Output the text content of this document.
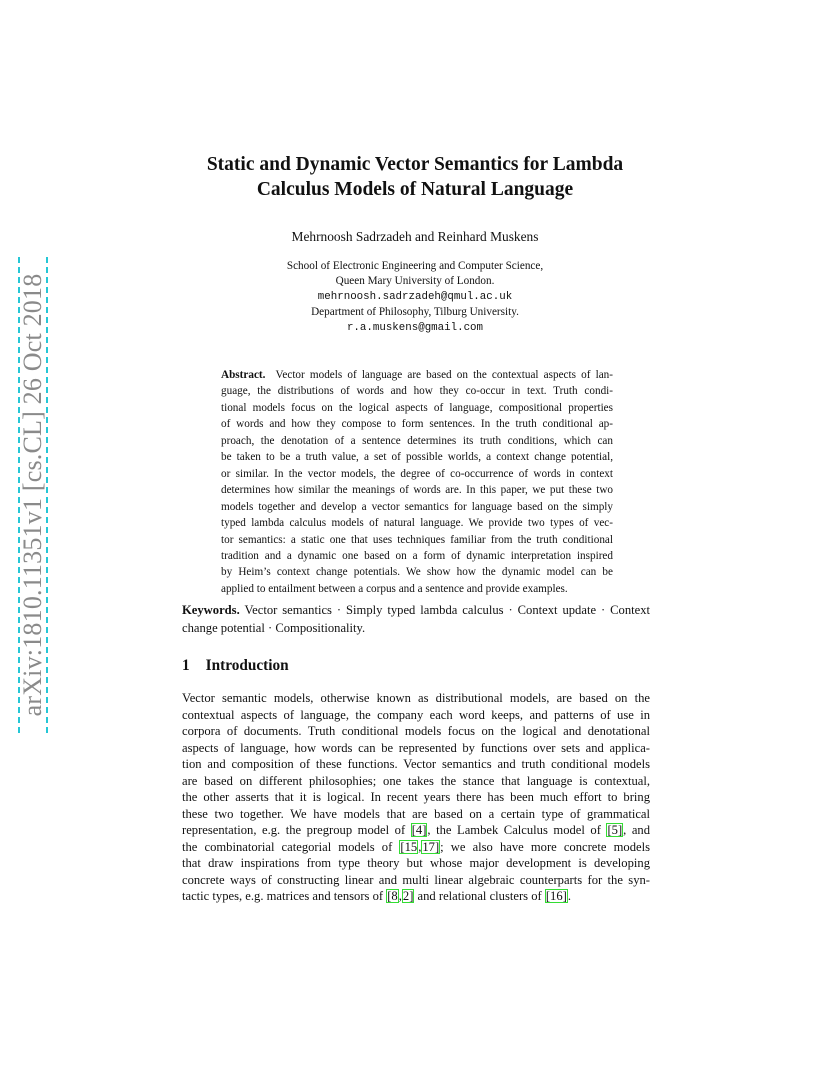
arXiv:1810.11351v1 [cs.CL] 26 Oct 2018
Static and Dynamic Vector Semantics for Lambda
Calculus Models of Natural Language
Mehrnoosh Sadrzadeh and Reinhard Muskens
School of Electronic Engineering and Computer Science,
Queen Mary University of London.
mehrnoosh.sadrzadeh@qmul.ac.uk
Department of Philosophy, Tilburg University.
r.a.muskens@gmail.com
Abstract. Vector models of language are based on the contextual aspects of lan-
guage, the distributions of words and how they co-occur in text. Truth condi-
tional models focus on the logical aspects of language, compositional properties
of words and how they compose to form sentences. In the truth conditional ap-
proach, the denotation of a sentence determines its truth conditions, which can
be taken to be a truth value, a set of possible worlds, a context change potential,
or similar. In the vector models, the degree of co-occurrence of words in context
determines how similar the meanings of words are. In this paper, we put these two
models together and develop a vector semantics for language based on the simply
typed lambda calculus models of natural language. We provide two types of vec-
tor semantics: a static one that uses techniques familiar from the truth conditional
tradition and a dynamic one based on a form of dynamic interpretation inspired
by Heim’s context change potentials. We show how the dynamic model can be
applied to entailment between a corpus and a sentence and provide examples.
Keywords. Vector semantics · Simply typed lambda calculus · Context update · Context
change potential · Compositionality.
1 Introduction
Vector semantic models, otherwise known as distributional models, are based on the
contextual aspects of language, the company each word keeps, and patterns of use in
corpora of documents. Truth conditional models focus on the logical and denotational
aspects of language, how words can be represented by functions over sets and applica-
tion and composition of these functions. Vector semantics and truth conditional models
are based on different philosophies; one takes the stance that language is contextual,
the other asserts that it is logical. In recent years there has been much effort to bring
these two together. We have models that are based on a certain type of grammatical
representation, e.g. the pregroup model of [4], the Lambek Calculus model of [5], and
the combinatorial categorial models of [15,17]; we also have more concrete models
that draw inspirations from type theory but whose major development is developing
concrete ways of constructing linear and multi linear algebraic counterparts for the syn-
tactic types, e.g. matrices and tensors of [8,2] and relational clusters of [16].
